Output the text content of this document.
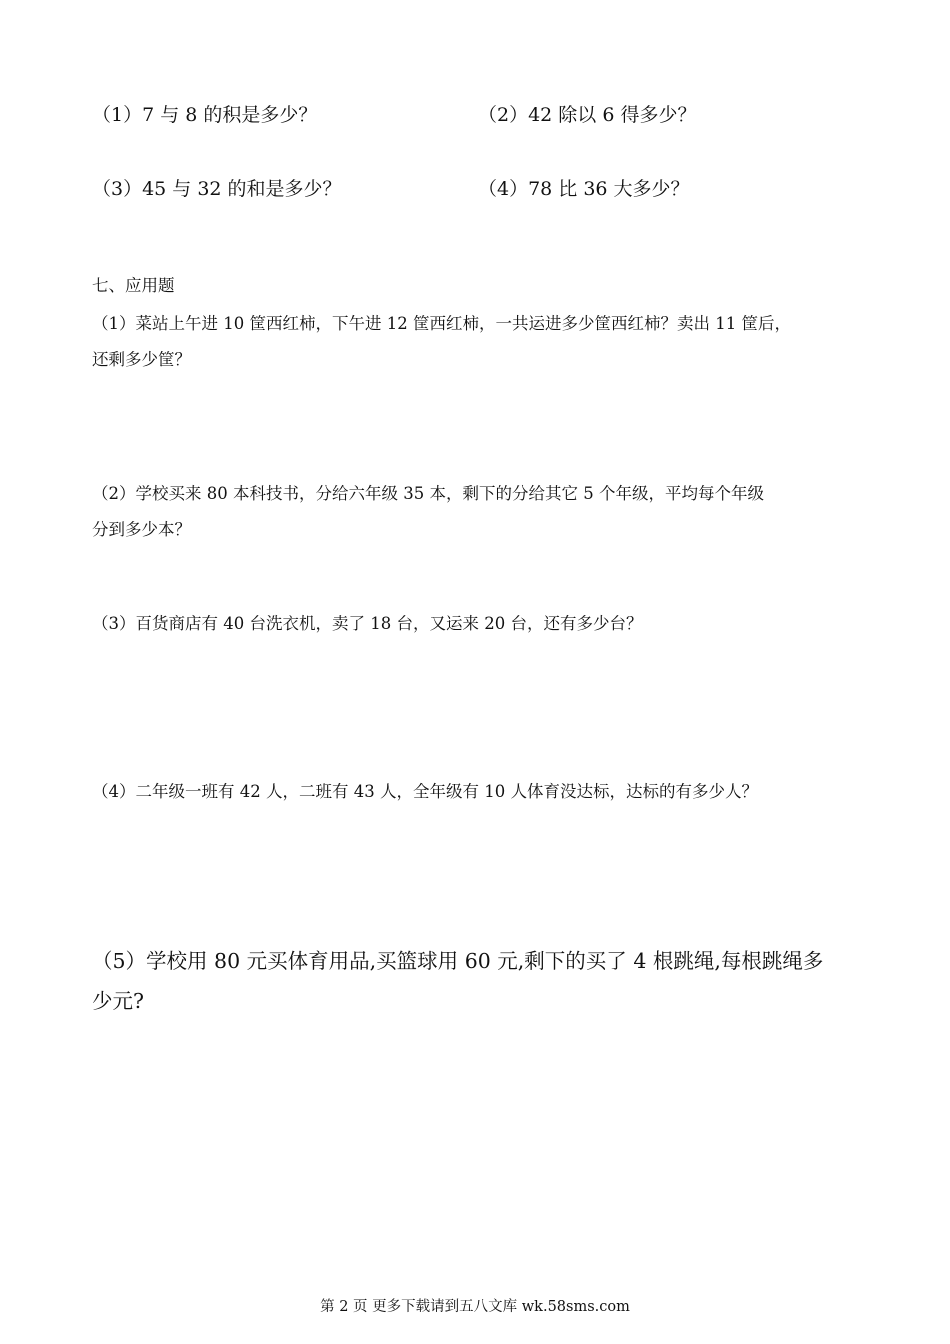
（1）7 与 8 的积是多少？	（2）42 除以 6 得多少？
（3）45 与 32 的和是多少？	（4）78 比 36 大多少？
七、应用题
（1）菜站上午进 10 筐西红柿，下午进 12 筐西红柿，一共运进多少筐西红柿？卖出 11 筐后，
还剩多少筐？
（2）学校买来 80 本科技书，分给六年级 35 本，剩下的分给其它 5 个年级，平均每个年级
分到多少本？
（3）百货商店有 40 台洗衣机，卖了 18 台，又运来 20 台，还有多少台？
（4）二年级一班有 42 人，二班有 43 人，全年级有 10 人体育没达标，达标的有多少人？
（5）学校用 80 元买体育用品,买篮球用 60 元,剩下的买了 4 根跳绳,每根跳绳多
少元?
第 2 页 更多下载请到五八文库 wk.58sms.com
